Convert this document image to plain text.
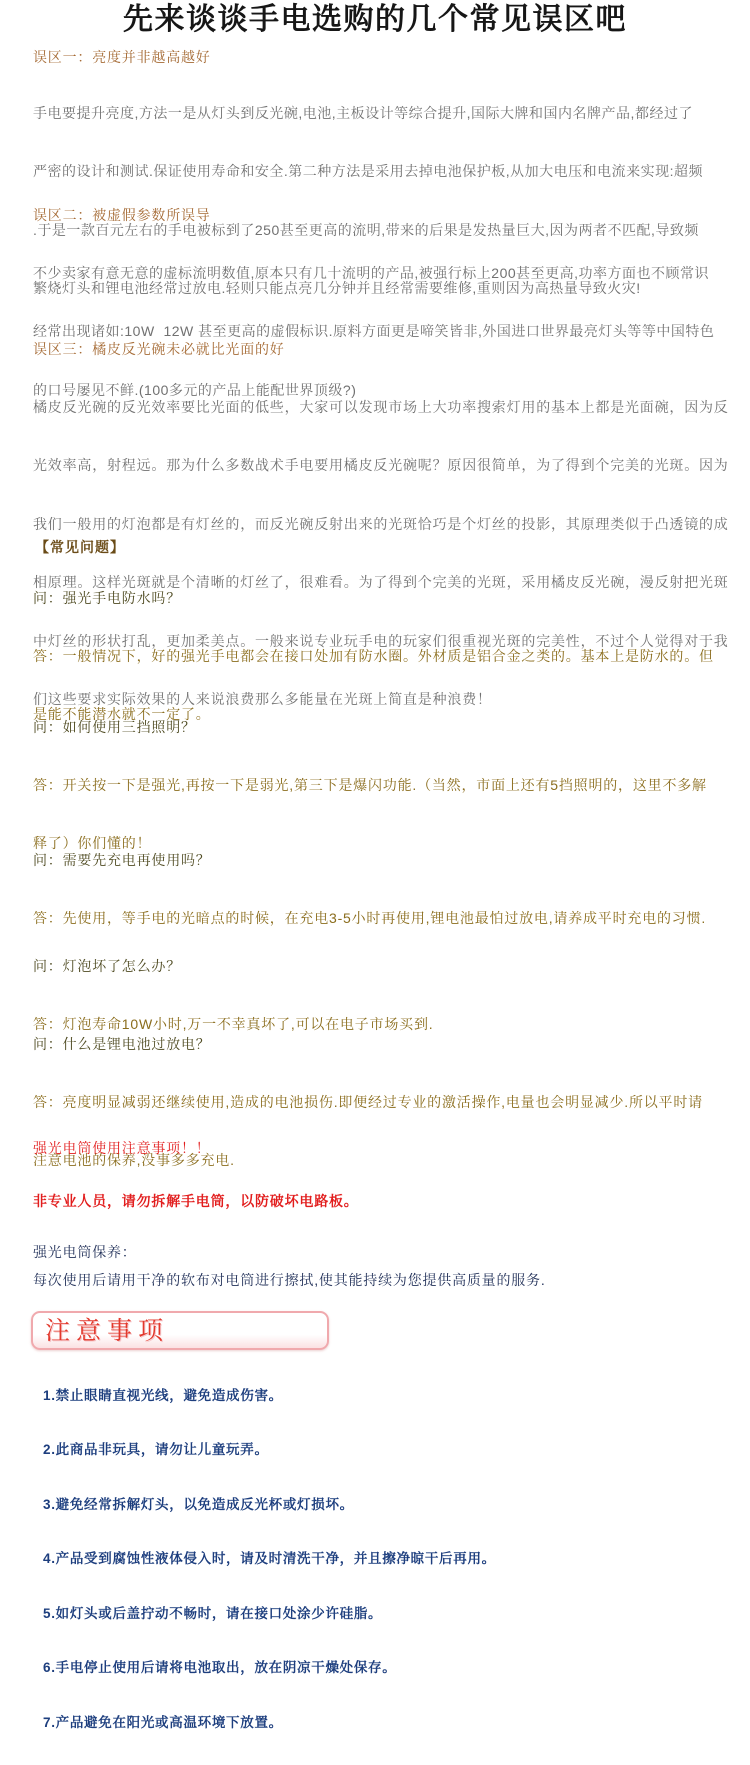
先来谈谈手电选购的几个常见误区吧
误区一：亮度并非越高越好

手电要提升亮度,方法一是从灯头到反光碗,电池,主板设计等综合提升,国际大牌和国内名牌产品,都经过了

严密的设计和测试.保证使用寿命和安全.第二种方法是采用去掉电池保护板,从加大电压和电流来实现:超频

.于是一款百元左右的手电被标到了250甚至更高的流明,带来的后果是发热量巨大,因为两者不匹配,导致频

繁烧灯头和锂电池经常过放电.轻则只能点亮几分钟并且经常需要维修,重则因为高热量导致火灾!

误区二：被虚假参数所误导

不少卖家有意无意的虚标流明数值,原本只有几十流明的产品,被强行标上200甚至更高,功率方面也不顾常识

经常出现诸如:10W  12W 甚至更高的虚假标识.原料方面更是啼笑皆非,外国进口世界最亮灯头等等中国特色

的口号屡见不鲜.(100多元的产品上能配世界顶级?)

误区三：橘皮反光碗未必就比光面的好

橘皮反光碗的反光效率要比光面的低些，大家可以发现市场上大功率搜索灯用的基本上都是光面碗，因为反

光效率高，射程远。那为什么多数战术手电要用橘皮反光碗呢？原因很简单，为了得到个完美的光斑。因为

我们一般用的灯泡都是有灯丝的，而反光碗反射出来的光斑恰巧是个灯丝的投影，其原理类似于凸透镜的成

相原理。这样光斑就是个清晰的灯丝了，很难看。为了得到个完美的光斑，采用橘皮反光碗，漫反射把光斑

中灯丝的形状打乱，更加柔美点。一般来说专业玩手电的玩家们很重视光斑的完美性，不过个人觉得对于我

们这些要求实际效果的人来说浪费那么多能量在光斑上简直是种浪费！

【常见问题】
问：强光手电防水吗？

答：一般情况下，好的强光手电都会在接口处加有防水圈。外材质是铝合金之类的。基本上是防水的。但

是能不能潜水就不一定了。

问：如何使用三挡照明？

答：开关按一下是强光,再按一下是弱光,第三下是爆闪功能.（当然，市面上还有5挡照明的，这里不多解

释了）你们懂的！

问：需要先充电再使用吗？

答：先使用，等手电的光暗点的时候，在充电3-5小时再使用,锂电池最怕过放电,请养成平时充电的习惯.

问：灯泡坏了怎么办？

答：灯泡寿命10W小时,万一不幸真坏了,可以在电子市场买到.

问：什么是锂电池过放电？

答：亮度明显减弱还继续使用,造成的电池损伤.即便经过专业的激活操作,电量也会明显减少.所以平时请

注意电池的保养,没事多多充电.

强光电筒使用注意事项！！
非专业人员，请勿拆解手电筒，以防破坏电路板。
强光电筒保养：
每次使用后请用干净的软布对电筒进行擦拭,使其能持续为您提供高质量的服务.
注意事项

1.禁止眼睛直视光线，避免造成伤害。

2.此商品非玩具，请勿让儿童玩弄。

3.避免经常拆解灯头，以免造成反光杯或灯损坏。

4.产品受到腐蚀性液体侵入时，请及时清洗干净，并且擦净晾干后再用。

5.如灯头或后盖拧动不畅时，请在接口处涂少许硅脂。

6.手电停止使用后请将电池取出，放在阴凉干燥处保存。

7.产品避免在阳光或高温环境下放置。
